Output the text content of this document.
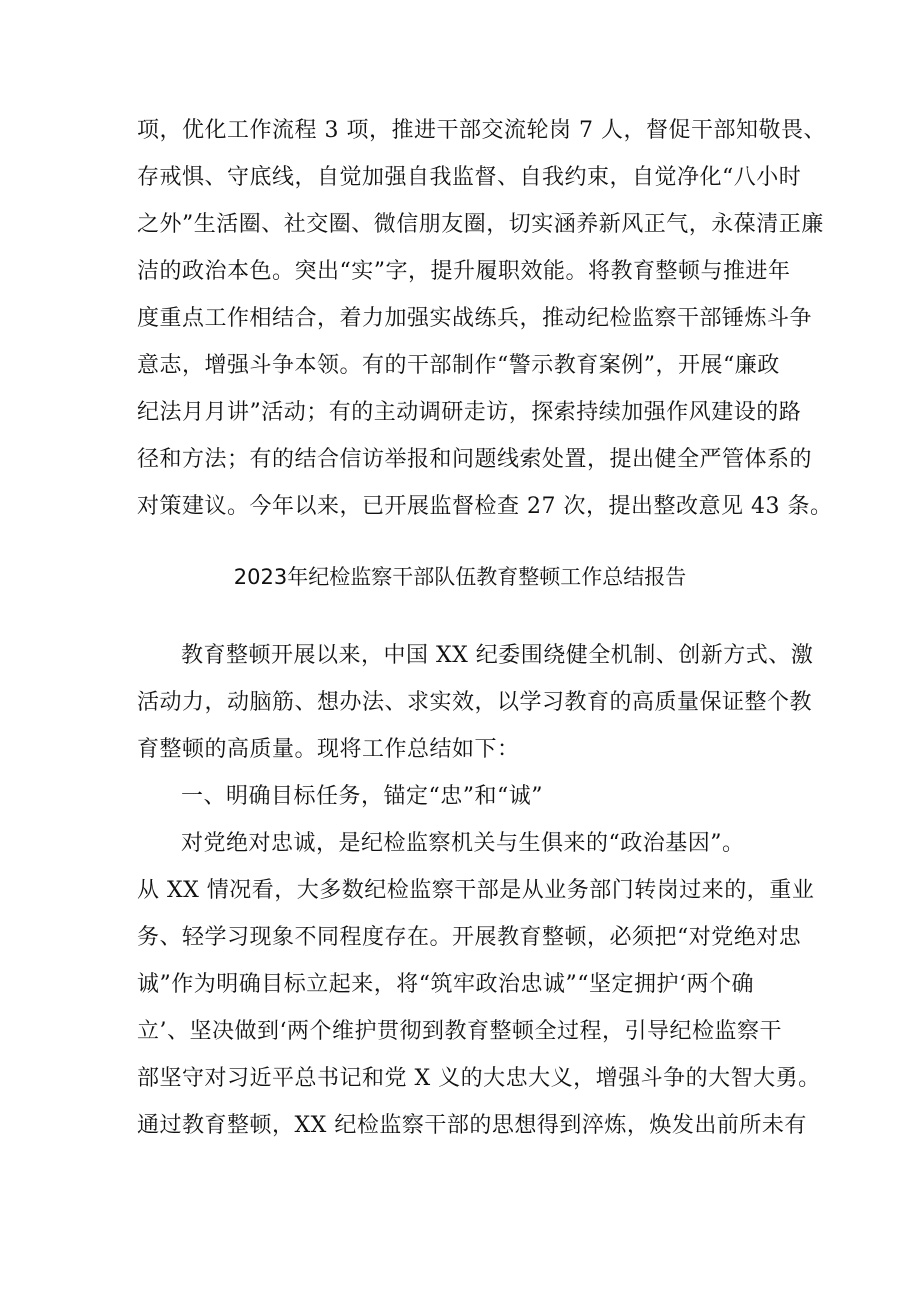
项，优化工作流程 3 项，推进干部交流轮岗 7 人，督促干部知敬畏、
存戒惧、守底线，自觉加强自我监督、自我约束，自觉净化“八小时
之外”生活圈、社交圈、微信朋友圈，切实涵养新风正气，永葆清正廉
洁的政治本色。突出“实”字，提升履职效能。将教育整顿与推进年
度重点工作相结合，着力加强实战练兵，推动纪检监察干部锤炼斗争
意志，增强斗争本领。有的干部制作“警示教育案例”，开展“廉政
纪法月月讲”活动；有的主动调研走访，探索持续加强作风建设的路
径和方法；有的结合信访举报和问题线索处置，提出健全严管体系的
对策建议。今年以来，已开展监督检查 27 次，提出整改意见 43 条。
2023年纪检监察干部队伍教育整顿工作总结报告
教育整顿开展以来，中国 XX 纪委围绕健全机制、创新方式、激
活动力，动脑筋、想办法、求实效，以学习教育的高质量保证整个教
育整顿的高质量。现将工作总结如下：
一、明确目标任务，锚定“忠”和“诚”
对党绝对忠诚，是纪检监察机关与生俱来的“政治基因”。
从 XX 情况看，大多数纪检监察干部是从业务部门转岗过来的，重业
务、轻学习现象不同程度存在。开展教育整顿，必须把“对党绝对忠
诚”作为明确目标立起来，将“筑牢政治忠诚”“坚定拥护‘两个确
立’、坚决做到‘两个维护贯彻到教育整顿全过程，引导纪检监察干
部坚守对习近平总书记和党 X 义的大忠大义，增强斗争的大智大勇。
通过教育整顿，XX 纪检监察干部的思想得到淬炼，焕发出前所未有
